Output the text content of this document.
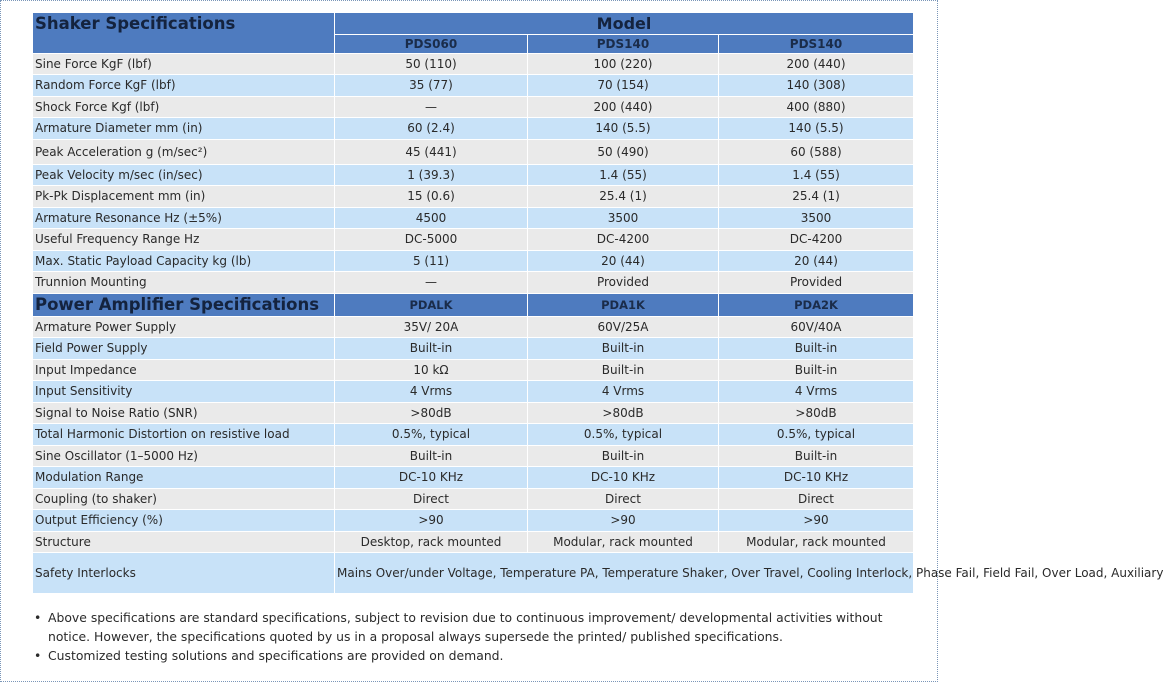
Shaker Specifications	Model		
	PDS060	PDS140	PDS140
Sine Force KgF (lbf)	50 (110)	100 (220)	200 (440)
Random Force KgF (lbf)	35 (77)	70 (154)	140 (308)
Shock Force Kgf (lbf)	—	200 (440)	400 (880)
Armature Diameter mm (in)	60 (2.4)	140 (5.5)	140 (5.5)
Peak Acceleration g (m/sec²)	45 (441)	50 (490)	60 (588)
Peak Velocity m/sec (in/sec)	1 (39.3)	1.4 (55)	1.4 (55)
Pk-Pk Displacement mm (in)	15 (0.6)	25.4 (1)	25.4 (1)
Armature Resonance Hz (±5%)	4500	3500	3500
Useful Frequency Range Hz	DC-5000	DC-4200	DC-4200
Max. Static Payload Capacity kg (lb)	5 (11)	20 (44)	20 (44)
Trunnion Mounting	—	Provided	Provided
Power Amplifier Specifications	PDALK	PDA1K	PDA2K
Armature Power Supply	35V/ 20A	60V/25A	60V/40A
Field Power Supply	Built-in	Built-in	Built-in
Input Impedance	10 kΩ	Built-in	Built-in
Input Sensitivity	4 Vrms	4 Vrms	4 Vrms
Signal to Noise Ratio (SNR)	>80dB	>80dB	>80dB
Total Harmonic Distortion on resistive load	0.5%, typical	0.5%, typical	0.5%, typical
Sine Oscillator (1–5000 Hz)	Built-in	Built-in	Built-in
Modulation Range	DC-10 KHz	DC-10 KHz	DC-10 KHz
Coupling (to shaker)	Direct	Direct	Direct
Output Efficiency (%)	>90	>90	>90
Structure	Desktop, rack mounted	Modular, rack mounted	Modular, rack mounted
Safety Interlocks	Mains Over/under Voltage, Temperature PA, Temperature Shaker, Over Travel, Cooling Interlock, Phase Fail, Field Fail, Over Load, Auxiliary		
• Above specifications are standard specifications, subject to revision due to continuous improvement/ developmental activities without notice. However, the specifications quoted by us in a proposal always supersede the printed/ published specifications.
• Customized testing solutions and specifications are provided on demand.
